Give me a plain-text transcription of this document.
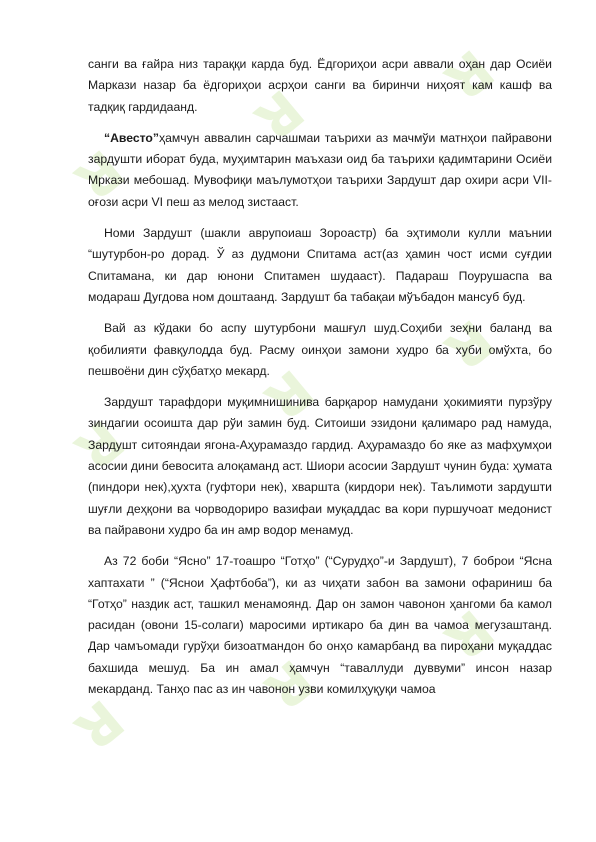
ꓤ
ꓤ
ꓤ
ꓤ
ꓤ
ꓤ
ꓤ
ꓤ
ꓤ

санги ва ғайра низ тараққи карда буд. Ёдгориҳои асри аввали оҳан дар Осиёи Маркази назар ба ёдгориҳои асрҳои санги ва биринчи ниҳоят кам кашф ва тадқиқ гардидаанд.

“Авесто”ҳамчун аввалин сарчашмаи таърихи аз мачмўи матнҳои пайравони зардушти иборат буда, муҳимтарин маъхази оид ба таърихи қадимтарини Осиёи Мркази мебошад. Мувофиқи маълумотҳои таърихи Зардушт дар охири асри VII-оғози асри VI пеш аз мелод зистааст.

Номи Зардушт (шакли аврупоиаш Зороастр) ба эҳтимоли кулли маънии “шутурбон-ро дорад. Ў аз дудмони Спитама аст(аз ҳамин чост исми суғдии Спитамана, ки дар юнони Спитамен шудааст). Падараш Поурушаспа ва модараш Дугдова ном доштаанд. Зардушт ба табақаи мўъбадон мансуб буд.

Вай аз кўдаки бо аспу шутурбони машғул шуд.Соҳиби зеҳни баланд ва қобилияти фавқулодда буд. Расму оинҳои замони худро ба хуби омўхта, бо пешвоёни дин сўҳбатҳо мекард.

Зардушт тарафдори муқимнишинива барқарор намудани ҳокимияти пурзўру зиндагии осоишта дар рўи замин буд. Ситоиши эзидони қалимаро рад намуда, Зардушт ситояндаи ягона-Аҳурамаздо гардид. Аҳурамаздо бо яке аз мафҳумҳои асосии дини бевосита алоқаманд аст. Шиори асосии Зардушт чунин буда: ҳумата (пиндори нек),ҳухта (гуфтори нек), хваршта (кирдори нек). Таълимоти зардушти шуғли деҳқони ва чорводориро вазифаи муқаддас ва кори пуршучоат медонист ва пайравони худро ба ин амр водор менамуд.

Аз 72 боби “Ясно” 17-тоашро “Готҳо” (“Сурудҳо”-и Зардушт), 7 боброи “Ясна хаптахати ” (“Яснои Ҳафтбоба”), ки аз чиҳати забон ва замони офариниш ба “Готҳо” наздик аст, ташкил менамоянд. Дар он замон чавонон ҳангоми ба камол расидан (овони 15-солаги) маросими иртикаро ба дин ва чамоа мегузаштанд. Дар чамъомади гурўҳи бизоатмандон бо онҳо камарбанд ва пироҳани муқаддас бахшида мешуд. Ба ин амал ҳамчун “таваллуди дуввуми” инсон назар мекарданд. Танҳо пас аз ин чавонон узви комилҳуқуқи чамоа
